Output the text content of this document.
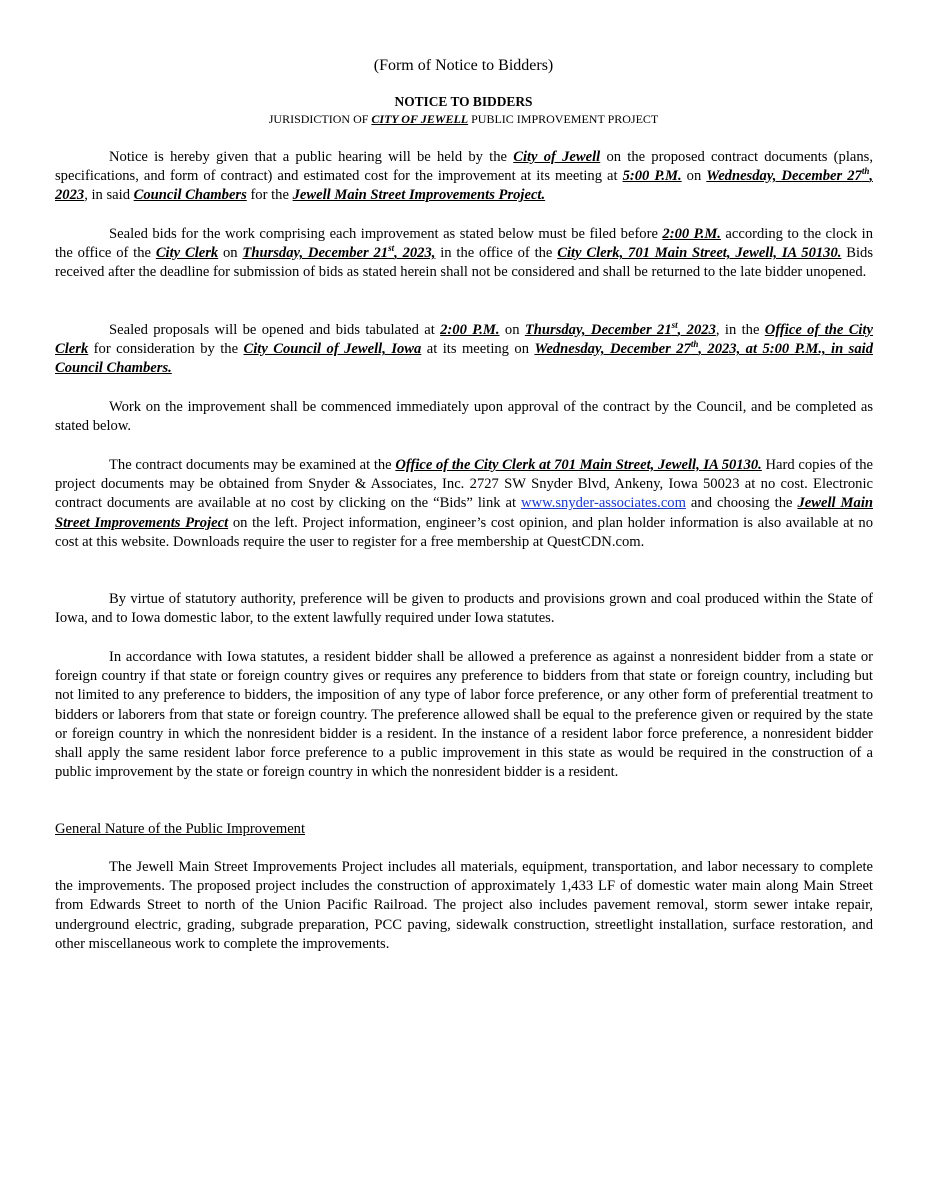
(Form of Notice to Bidders)

NOTICE TO BIDDERS

JURISDICTION OF CITY OF JEWELL PUBLIC IMPROVEMENT PROJECT

Notice is hereby given that a public hearing will be held by the City of Jewell on the proposed contract documents (plans, specifications, and form of contract) and estimated cost for the improvement at its meeting at 5:00 P.M. on Wednesday, December 27th, 2023, in said Council Chambers for the Jewell Main Street Improvements Project.

Sealed bids for the work comprising each improvement as stated below must be filed before 2:00 P.M. according to the clock in the office of the City Clerk on Thursday, December 21st, 2023, in the office of the City Clerk, 701 Main Street, Jewell, IA 50130. Bids received after the deadline for submission of bids as stated herein shall not be considered and shall be returned to the late bidder unopened.

Sealed proposals will be opened and bids tabulated at 2:00 P.M. on Thursday, December 21st, 2023, in the Office of the City Clerk for consideration by the City Council of Jewell, Iowa at its meeting on Wednesday, December 27th, 2023, at 5:00 P.M., in said Council Chambers.

Work on the improvement shall be commenced immediately upon approval of the contract by the Council, and be completed as stated below.

The contract documents may be examined at the Office of the City Clerk at 701 Main Street, Jewell, IA 50130. Hard copies of the project documents may be obtained from Snyder & Associates, Inc. 2727 SW Snyder Blvd, Ankeny, Iowa 50023 at no cost. Electronic contract documents are available at no cost by clicking on the “Bids” link at www.snyder-associates.com and choosing the Jewell Main Street Improvements Project on the left. Project information, engineer’s cost opinion, and plan holder information is also available at no cost at this website. Downloads require the user to register for a free membership at QuestCDN.com.

By virtue of statutory authority, preference will be given to products and provisions grown and coal produced within the State of Iowa, and to Iowa domestic labor, to the extent lawfully required under Iowa statutes.

In accordance with Iowa statutes, a resident bidder shall be allowed a preference as against a nonresident bidder from a state or foreign country if that state or foreign country gives or requires any preference to bidders from that state or foreign country, including but not limited to any preference to bidders, the imposition of any type of labor force preference, or any other form of preferential treatment to bidders or laborers from that state or foreign country. The preference allowed shall be equal to the preference given or required by the state or foreign country in which the nonresident bidder is a resident. In the instance of a resident labor force preference, a nonresident bidder shall apply the same resident labor force preference to a public improvement in this state as would be required in the construction of a public improvement by the state or foreign country in which the nonresident bidder is a resident.

General Nature of the Public Improvement

The Jewell Main Street Improvements Project includes all materials, equipment, transportation, and labor necessary to complete the improvements. The proposed project includes the construction of approximately 1,433 LF of domestic water main along Main Street from Edwards Street to north of the Union Pacific Railroad. The project also includes pavement removal, storm sewer intake repair, underground electric, grading, subgrade preparation, PCC paving, sidewalk construction, streetlight installation, surface restoration, and other miscellaneous work to complete the improvements.
